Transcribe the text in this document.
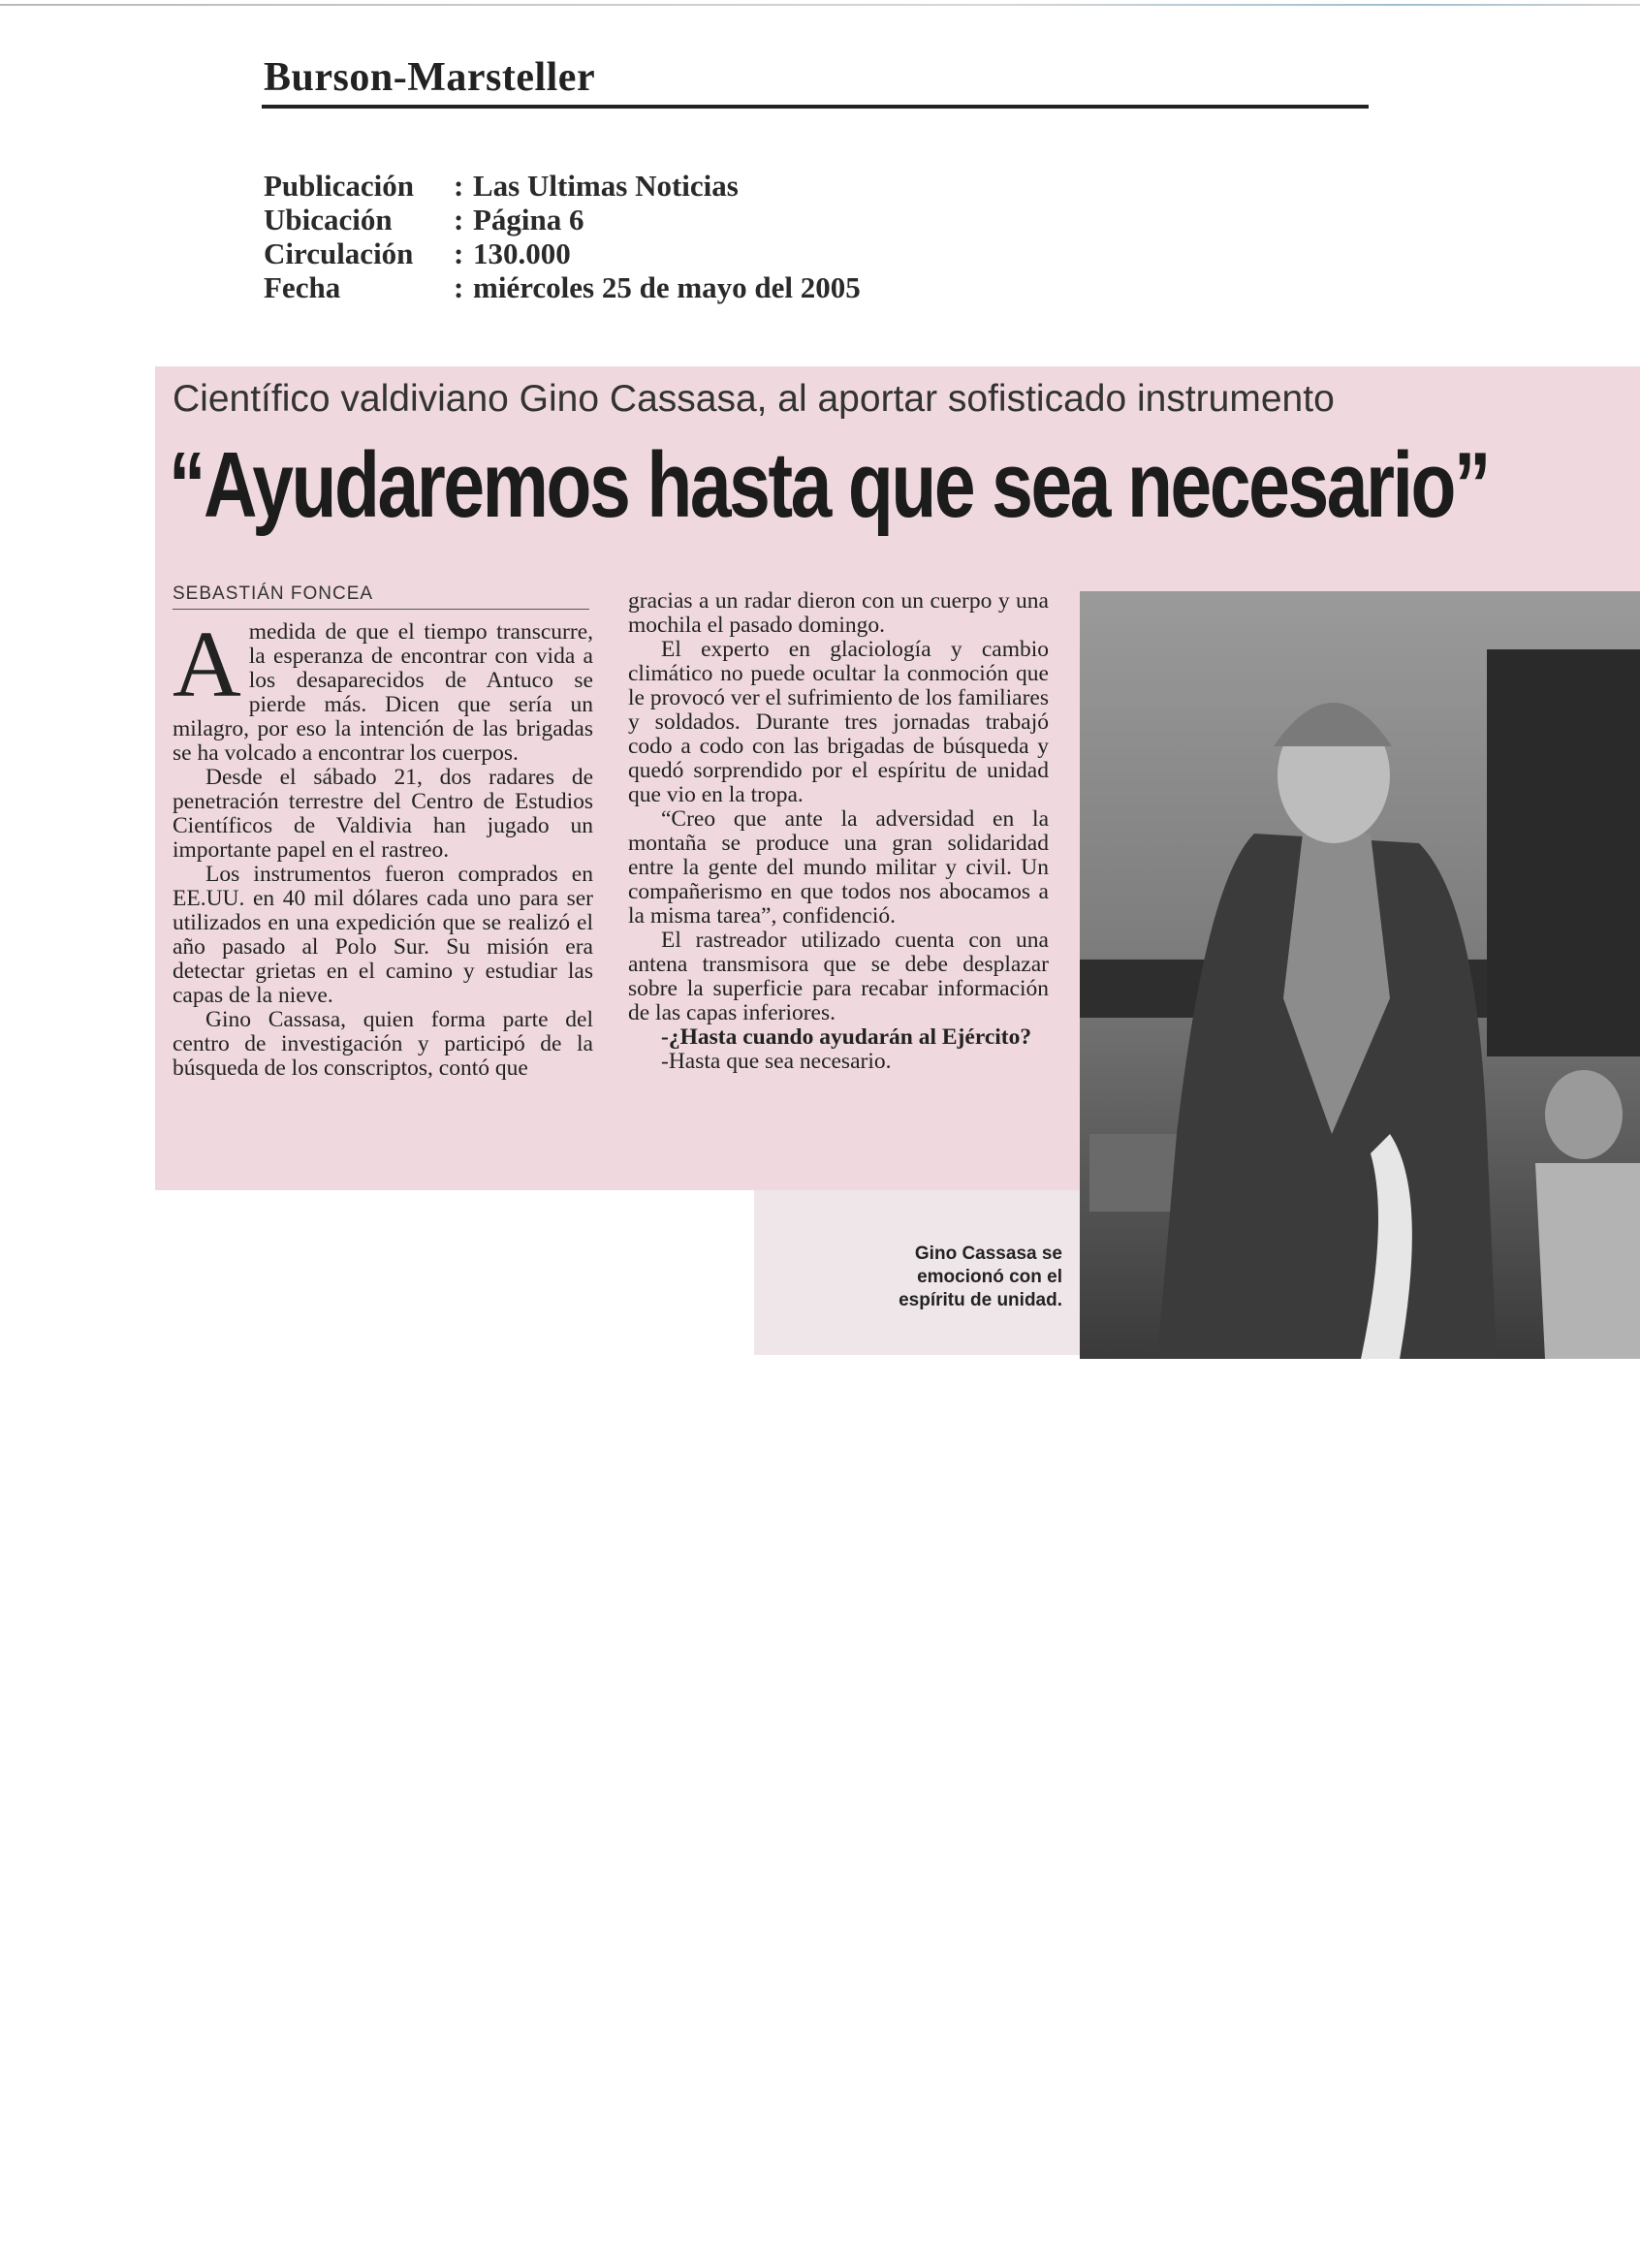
Burson-Marsteller
Publicación	: Las Ultimas Noticias
Ubicación	: Página 6
Circulación	: 130.000
Fecha	: miércoles 25 de mayo del 2005
Científico valdiviano Gino Cassasa, al aportar sofisticado instrumento
“Ayudaremos hasta que sea necesario”
SEBASTIÁN FONCEA

Amedida de que el tiempo transcurre, la esperanza de encontrar con vida a los desaparecidos de Antuco se pierde más. Dicen que sería un milagro, por eso la intención de las brigadas se ha volcado a encontrar los cuerpos.

Desde el sábado 21, dos radares de penetración terrestre del Centro de Estudios Científicos de Valdivia han jugado un importante papel en el rastreo.

Los instrumentos fueron comprados en EE.UU. en 40 mil dólares cada uno para ser utilizados en una expedición que se realizó el año pasado al Polo Sur. Su misión era detectar grietas en el camino y estudiar las capas de la nieve.

Gino Cassasa, quien forma parte del centro de investigación y participó de la búsqueda de los conscriptos, contó que

gracias a un radar dieron con un cuerpo y una mochila el pasado domingo.

El experto en glaciología y cambio climático no puede ocultar la conmoción que le provocó ver el sufrimiento de los familiares y soldados. Durante tres jornadas trabajó codo a codo con las brigadas de búsqueda y quedó sorprendido por el espíritu de unidad que vio en la tropa.

“Creo que ante la adversidad en la montaña se produce una gran solidaridad entre la gente del mundo militar y civil. Un compañerismo en que todos nos abocamos a la misma tarea”, confidenció.

El rastreador utilizado cuenta con una antena transmisora que se debe desplazar sobre la superficie para recabar información de las capas inferiores.

-¿Hasta cuando ayudarán al Ejército?

-Hasta que sea necesario.

Gino Cassasa se emocionó con el espíritu de unidad.
